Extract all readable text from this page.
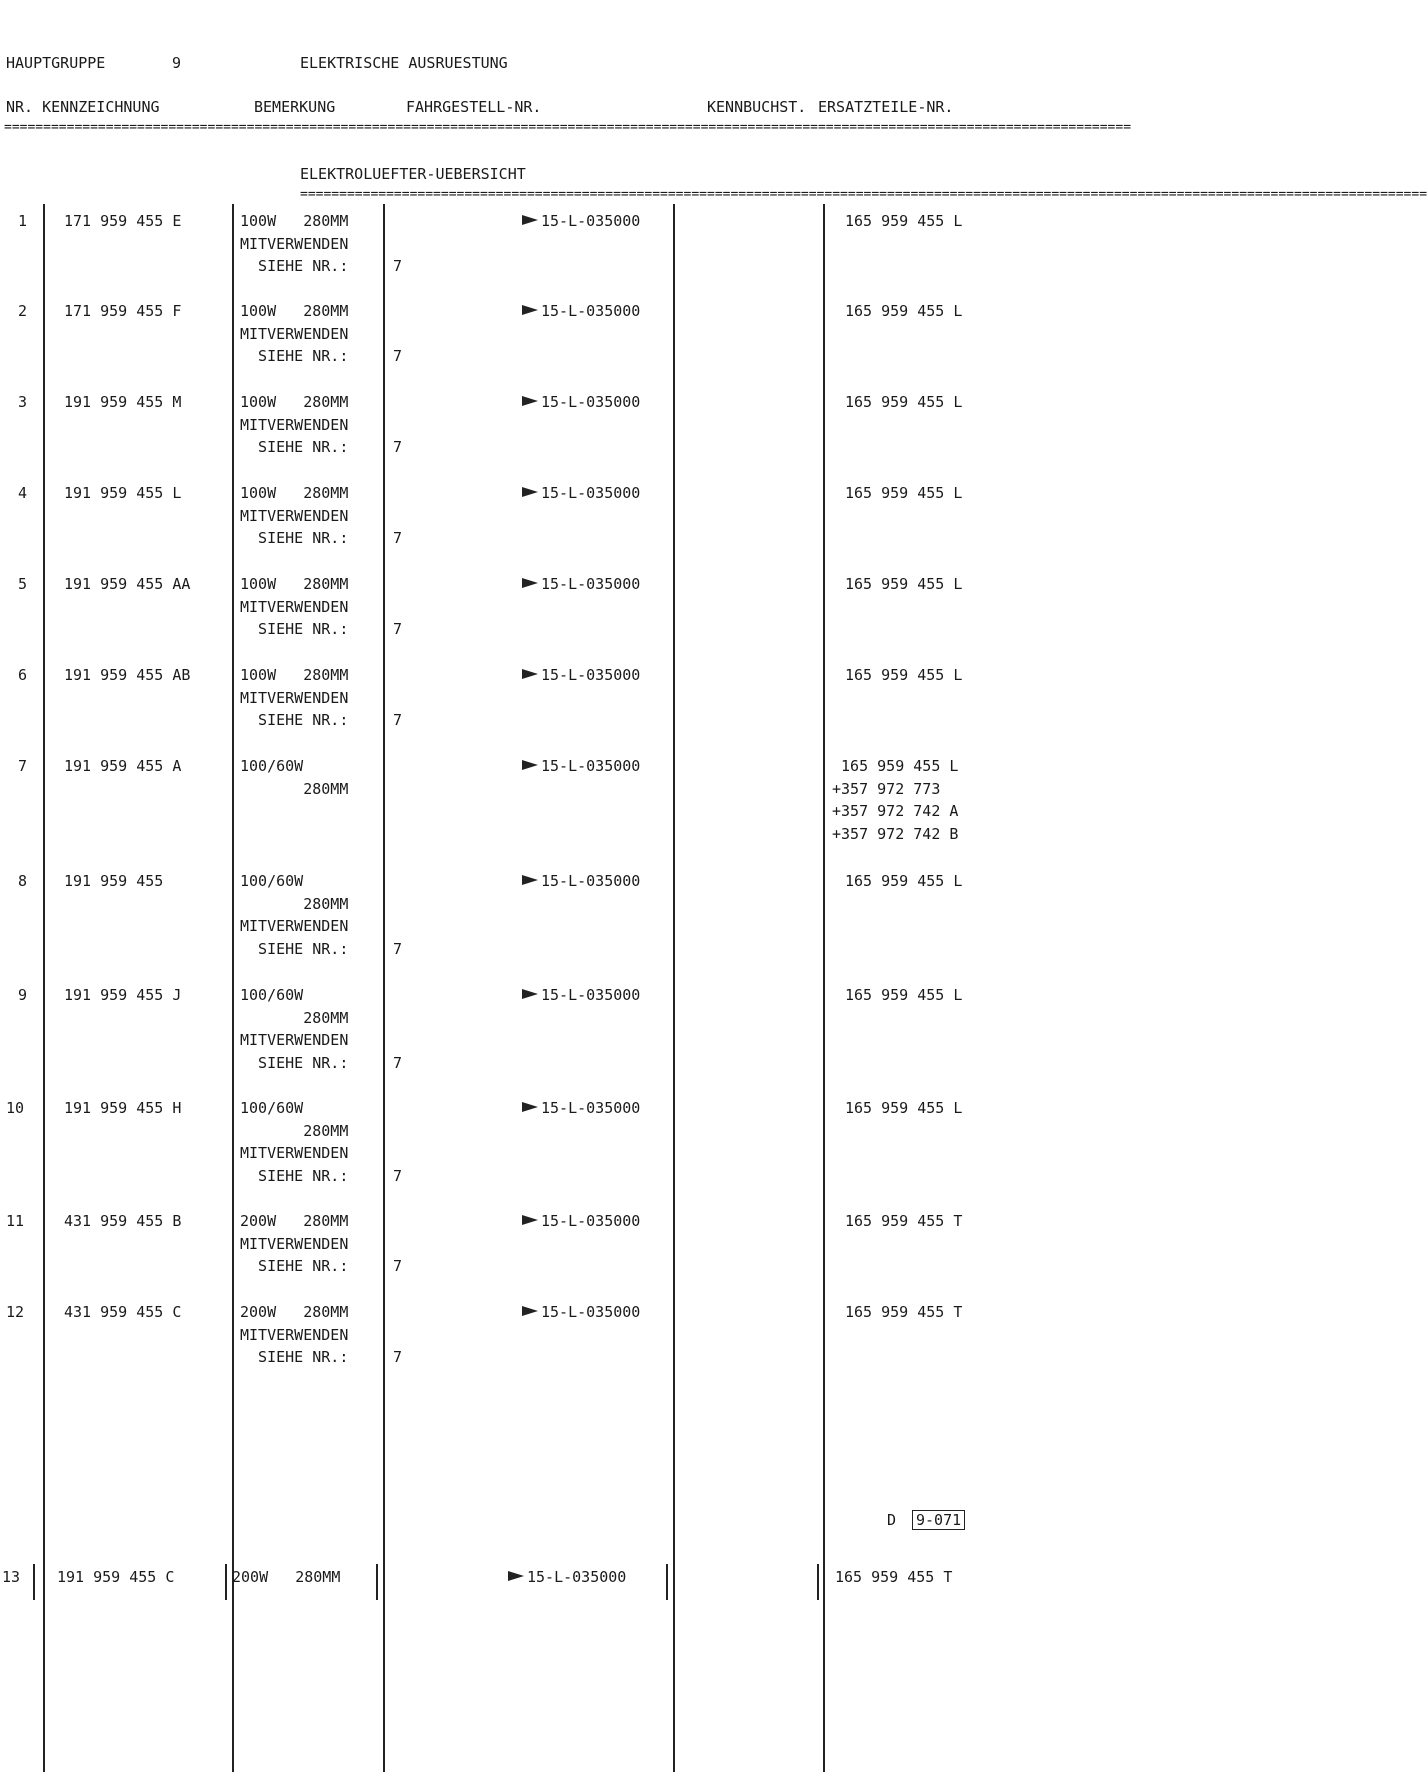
HAUPTGRUPPE	9	ELEKTRISCHE AUSRUESTUNG
NR. KENNZEICHNUNG	BEMERKUNG	FAHRGESTELL-NR.	KENNBUCHST. ERSATZTEILE-NR.
================================================================================================================================================
ELEKTROLUEFTER-UEBERSICHT
================================================================================================================================================
1 171 959 455 E	100W   280MM
MITVERWENDEN
SIEHE NR.:	7
15-L-035000	165 959 455 L
2 171 959 455 F	100W   280MM
MITVERWENDEN
SIEHE NR.:	7
15-L-035000	165 959 455 L
3 191 959 455 M	100W   280MM
MITVERWENDEN
SIEHE NR.:	7
15-L-035000	165 959 455 L
4 191 959 455 L	100W   280MM
MITVERWENDEN
SIEHE NR.:	7
15-L-035000	165 959 455 L
5 191 959 455 AA	100W   280MM
MITVERWENDEN
SIEHE NR.:	7
15-L-035000	165 959 455 L
6 191 959 455 AB	100W   280MM
MITVERWENDEN
SIEHE NR.:	7
15-L-035000	165 959 455 L
7 191 959 455 A	100/60W
280MM
15-L-035000	165 959 455 L
+357 972 773
+357 972 742 A
+357 972 742 B
8 191 959 455	100/60W
280MM
MITVERWENDEN
SIEHE NR.:	7
15-L-035000	165 959 455 L
9 191 959 455 J	100/60W
280MM
MITVERWENDEN
SIEHE NR.:	7
15-L-035000	165 959 455 L
10	191 959 455 H	100/60W
280MM
MITVERWENDEN
SIEHE NR.:	7
15-L-035000	165 959 455 L
11	431 959 455 B	200W   280MM
MITVERWENDEN
SIEHE NR.:	7
15-L-035000	165 959 455 T
12	431 959 455 C	200W   280MM
MITVERWENDEN
SIEHE NR.:	7
15-L-035000	165 959 455 T
D 9-071
13 191 959 455 C	200W   280MM	15-L-035000	165 959 455 T
